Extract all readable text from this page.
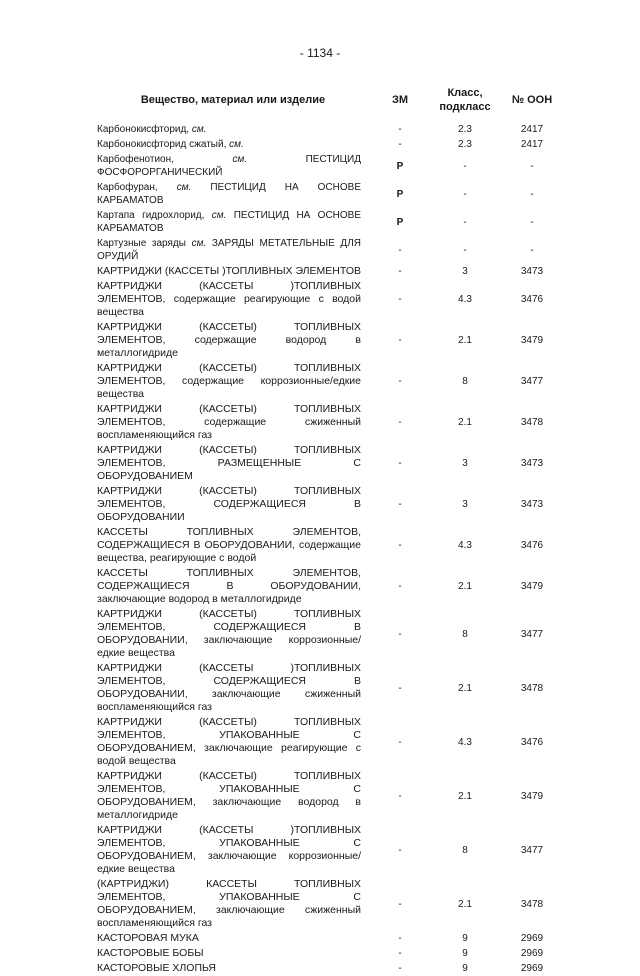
- 1134 -
Вещество, материал или изделие	ЗМ	Класс,
подкласс	№ ООН
Карбонокисфторид, см.	-	2.3	2417
Карбонокисфторид сжатый, см.	-	2.3	2417
Карбофенотион, см. ПЕСТИЦИД ФОСФОРОРГАНИЧЕСКИЙ	Р	-	-
Карбофуран, см. ПЕСТИЦИД НА ОСНОВЕ КАРБАМАТОВ	Р	-	-
Картапа гидрохлорид, см. ПЕСТИЦИД НА ОСНОВЕ КАРБАМАТОВ	Р	-	-
Картузные заряды см. ЗАРЯДЫ МЕТАТЕЛЬНЫЕ ДЛЯ ОРУДИЙ	-	-	-
КАРТРИДЖИ (КАССЕТЫ )ТОПЛИВНЫХ ЭЛЕМЕНТОВ	-	3	3473
КАРТРИДЖИ (КАССЕТЫ )ТОПЛИВНЫХ ЭЛЕМЕНТОВ, содержащие реагирующие с водой вещества	-	4.3	3476
КАРТРИДЖИ (КАССЕТЫ) ТОПЛИВНЫХ ЭЛЕМЕНТОВ, содержащие водород в металлогидриде	-	2.1	3479
КАРТРИДЖИ (КАССЕТЫ) ТОПЛИВНЫХ ЭЛЕМЕНТОВ, содержащие коррозионные/едкие вещества	-	8	3477
КАРТРИДЖИ (КАССЕТЫ) ТОПЛИВНЫХ ЭЛЕМЕНТОВ, содержащие сжиженный воспламеняющийся газ	-	2.1	3478
КАРТРИДЖИ (КАССЕТЫ) ТОПЛИВНЫХ ЭЛЕМЕНТОВ, РАЗМЕЩЕННЫЕ С ОБОРУДОВАНИЕМ	-	3	3473
КАРТРИДЖИ (КАССЕТЫ) ТОПЛИВНЫХ ЭЛЕМЕНТОВ, СОДЕРЖАЩИЕСЯ В ОБОРУДОВАНИИ	-	3	3473
КАССЕТЫ ТОПЛИВНЫХ ЭЛЕМЕНТОВ, СОДЕРЖАЩИЕСЯ В ОБОРУДОВАНИИ, содержащие вещества, реагирующие с водой	-	4.3	3476
КАССЕТЫ ТОПЛИВНЫХ ЭЛЕМЕНТОВ, СОДЕРЖАЩИЕСЯ В ОБОРУДОВАНИИ, заключающие водород в металлогидриде	-	2.1	3479
КАРТРИДЖИ (КАССЕТЫ) ТОПЛИВНЫХ ЭЛЕМЕНТОВ, СОДЕРЖАЩИЕСЯ В ОБОРУДОВАНИИ, заключающие коррозионные/едкие вещества	-	8	3477
КАРТРИДЖИ (КАССЕТЫ )ТОПЛИВНЫХ ЭЛЕМЕНТОВ, СОДЕРЖАЩИЕСЯ В ОБОРУДОВАНИИ, заключающие сжиженный воспламеняющийся газ	-	2.1	3478
КАРТРИДЖИ (КАССЕТЫ) ТОПЛИВНЫХ ЭЛЕМЕНТОВ, УПАКОВАННЫЕ С ОБОРУДОВАНИЕМ, заключающие реагирующие с водой вещества	-	4.3	3476
КАРТРИДЖИ (КАССЕТЫ) ТОПЛИВНЫХ ЭЛЕМЕНТОВ, УПАКОВАННЫЕ С ОБОРУДОВАНИЕМ, заключающие водород в металлогидриде	-	2.1	3479
КАРТРИДЖИ (КАССЕТЫ )ТОПЛИВНЫХ ЭЛЕМЕНТОВ, УПАКОВАННЫЕ С ОБОРУДОВАНИЕМ, заключающие коррозионные/едкие вещества	-	8	3477
(КАРТРИДЖИ) КАССЕТЫ ТОПЛИВНЫХ ЭЛЕМЕНТОВ, УПАКОВАННЫЕ С ОБОРУДОВАНИЕМ, заключающие сжиженный воспламеняющийся газ	-	2.1	3478
КАСТОРОВАЯ МУКА	-	9	2969
КАСТОРОВЫЕ БОБЫ	-	9	2969
КАСТОРОВЫЕ ХЛОПЬЯ	-	9	2969
